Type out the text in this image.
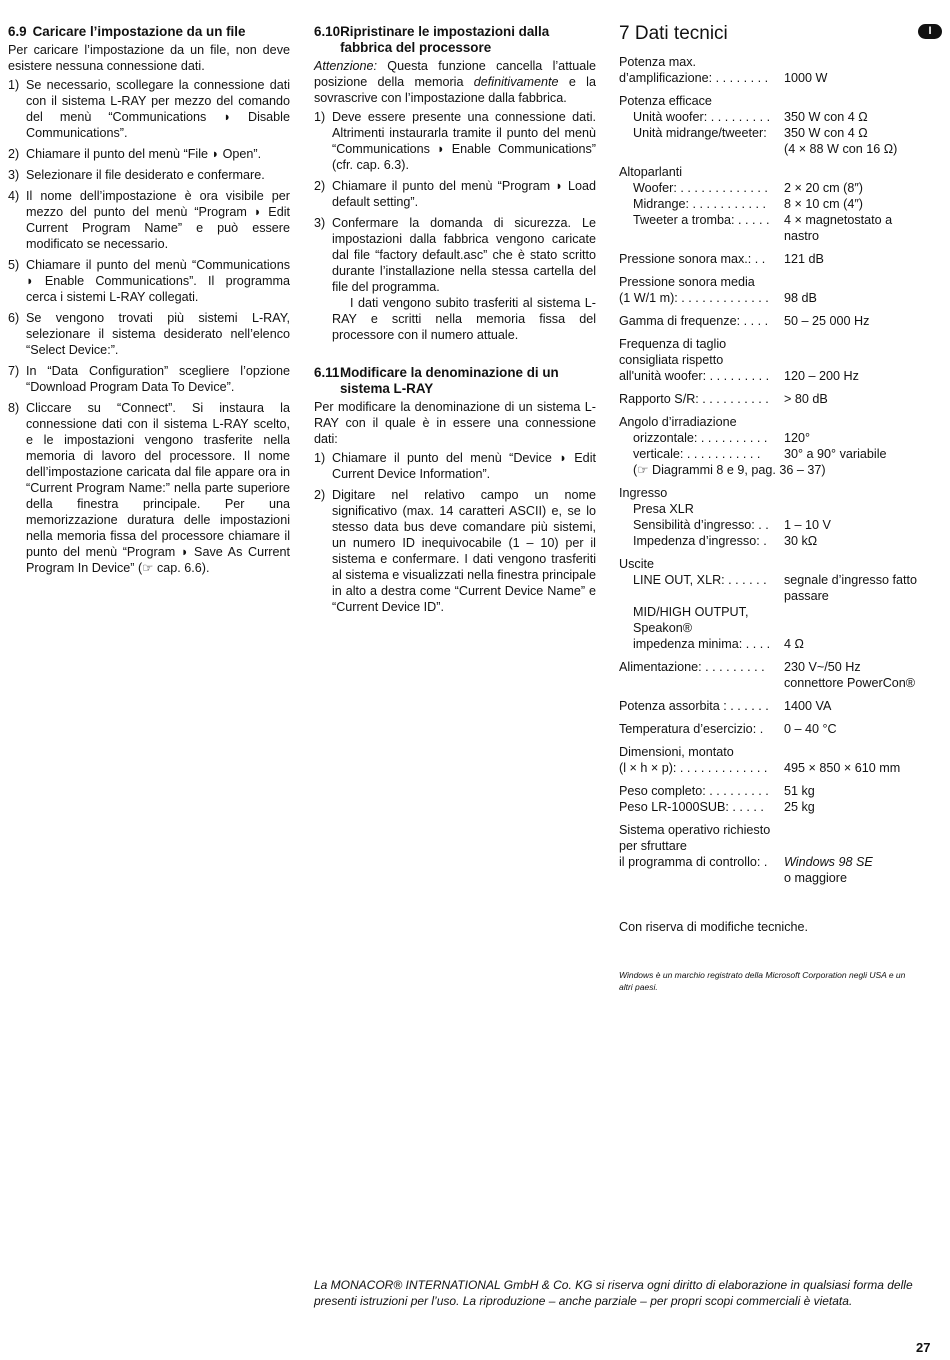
6.9 Caricare l’impostazione da un file

Per caricare l’impostazione da un file, non deve esistere nessuna connessione dati.

1) Se necessario, scollegare la connessione dati con il sistema L-RAY per mezzo del comando del menù “Communications ◗ Disable Communications”.
2) Chiamare il punto del menù “File ◗ Open”.
3) Selezionare il file desiderato e confermare.
4) Il nome dell’impostazione è ora visibile per mezzo del punto del menù “Program ◗ Edit Current Program Name” e può essere modificato se necessario.
5) Chiamare il punto del menù “Communications ◗ Enable Communications”. Il programma cerca i sistemi L-RAY collegati.
6) Se vengono trovati più sistemi L-RAY, selezionare il sistema desiderato nell’elenco “Select Device:”.
7) In “Data Configuration” scegliere l’opzione “Download Program Data To Device”.
8) Cliccare su “Connect”. Si instaura la connessione dati con il sistema L-RAY scelto, e le impostazioni vengono trasferite nella memoria di lavoro del processore. Il nome dell’impostazione caricata dal file appare ora in “Current Program Name:” nella parte superiore della finestra principale. Per una memorizzazione duratura delle impostazioni nella memoria fissa del processore chiamare il punto del menù “Program ◗ Save As Current Program In Device” (☞ cap. 6.6).
6.10 Ripristinare le impostazioni dalla fabbrica del processore

Attenzione: Questa funzione cancella l’attuale posizione della memoria definitivamente e la sovrascrive con l’impostazione dalla fabbrica.

1) Deve essere presente una connessione dati. Altrimenti instaurarla tramite il punto del menù “Communications ◗ Enable Communications” (cfr. cap. 6.3).
2) Chiamare il punto del menù “Program ◗ Load default setting”.
3) Confermare la domanda di sicurezza. Le impostazioni dalla fabbrica vengono caricate dal file “factory default.asc” che è stato scritto durante l’installazione nella stessa cartella del file del programma.

I dati vengono subito trasferiti al sistema L-RAY e scritti nella memoria fissa del processore con il numero attuale.

6.11 Modificare la denominazione di un sistema L-RAY

Per modificare la denominazione di un sistema L-RAY con il quale è in essere una connessione dati:

1) Chiamare il punto del menù “Device ◗ Edit Current Device Information”.
2) Digitare nel relativo campo un nome significativo (max. 14 caratteri ASCII) e, se lo stesso data bus deve comandare più sistemi, un numero ID inequivocabile (1 – 10) per il sistema e confermare. I dati vengono trasferiti al sistema e visualizzati nella finestra principale in alto a destra come “Current Device Name” e “Current Device ID”.
7 Dati tecnici
Potenza max.
d’amplificazione: . . . . . . . .	1000 W
Potenza efficace
Unità woofer: . . . . . . . . .	350 W con 4 Ω
Unità midrange/tweeter:	350 W con 4 Ω
(4 × 88 W con 16 Ω)
Altoparlanti
Woofer: . . . . . . . . . . . . .	2 × 20 cm (8″)
Midrange: . . . . . . . . . . .	8 × 10 cm (4″)
Tweeter a tromba: . . . . .	4 × magnetostato a nastro
Pressione sonora max.: . .	121 dB
Pressione sonora media
(1 W/1 m): . . . . . . . . . . . . .	98 dB
Gamma di frequenze: . . . .	50 – 25 000 Hz
Frequenza di taglio
consigliata rispetto
all'unità woofer: . . . . . . . . .	120 – 200 Hz
Rapporto S/R: . . . . . . . . . .	> 80 dB
Angolo d’irradiazione
orizzontale: . . . . . . . . . .	120°
verticale: . . . . . . . . . . .	30° a 90° variabile
(☞ Diagrammi 8 e 9, pag. 36 – 37)
Ingresso
Presa XLR
Sensibilità d’ingresso: . .	1 – 10 V
Impedenza d’ingresso: .	30 kΩ
Uscite
LINE OUT, XLR: . . . . . .	segnale d’ingresso fatto passare
MID/HIGH OUTPUT,
Speakon®
impedenza minima: . . . .	4 Ω
Alimentazione: . . . . . . . . .	230 V~/50 Hz connettore PowerCon®
Potenza assorbita : . . . . . .	1400 VA
Temperatura d’esercizio: .	0 – 40 °C
Dimensioni, montato
(l × h × p): . . . . . . . . . . . . .	495 × 850 × 610 mm
Peso completo: . . . . . . . . .	51 kg
Peso LR-1000SUB: . . . . .	25 kg
Sistema operativo richiesto
per sfruttare
il programma di controllo: .	Windows 98 SE
o maggiore
I
Con riserva di modifiche tecniche.
Windows è un marchio registrato della Microsoft Corporation negli USA e un altri paesi.
La MONACOR® INTERNATIONAL GmbH & Co. KG si riserva ogni diritto di elaborazione in qualsiasi forma delle presenti istruzioni per l’uso. La riproduzione – anche parziale – per propri scopi commerciali è vietata.
27
